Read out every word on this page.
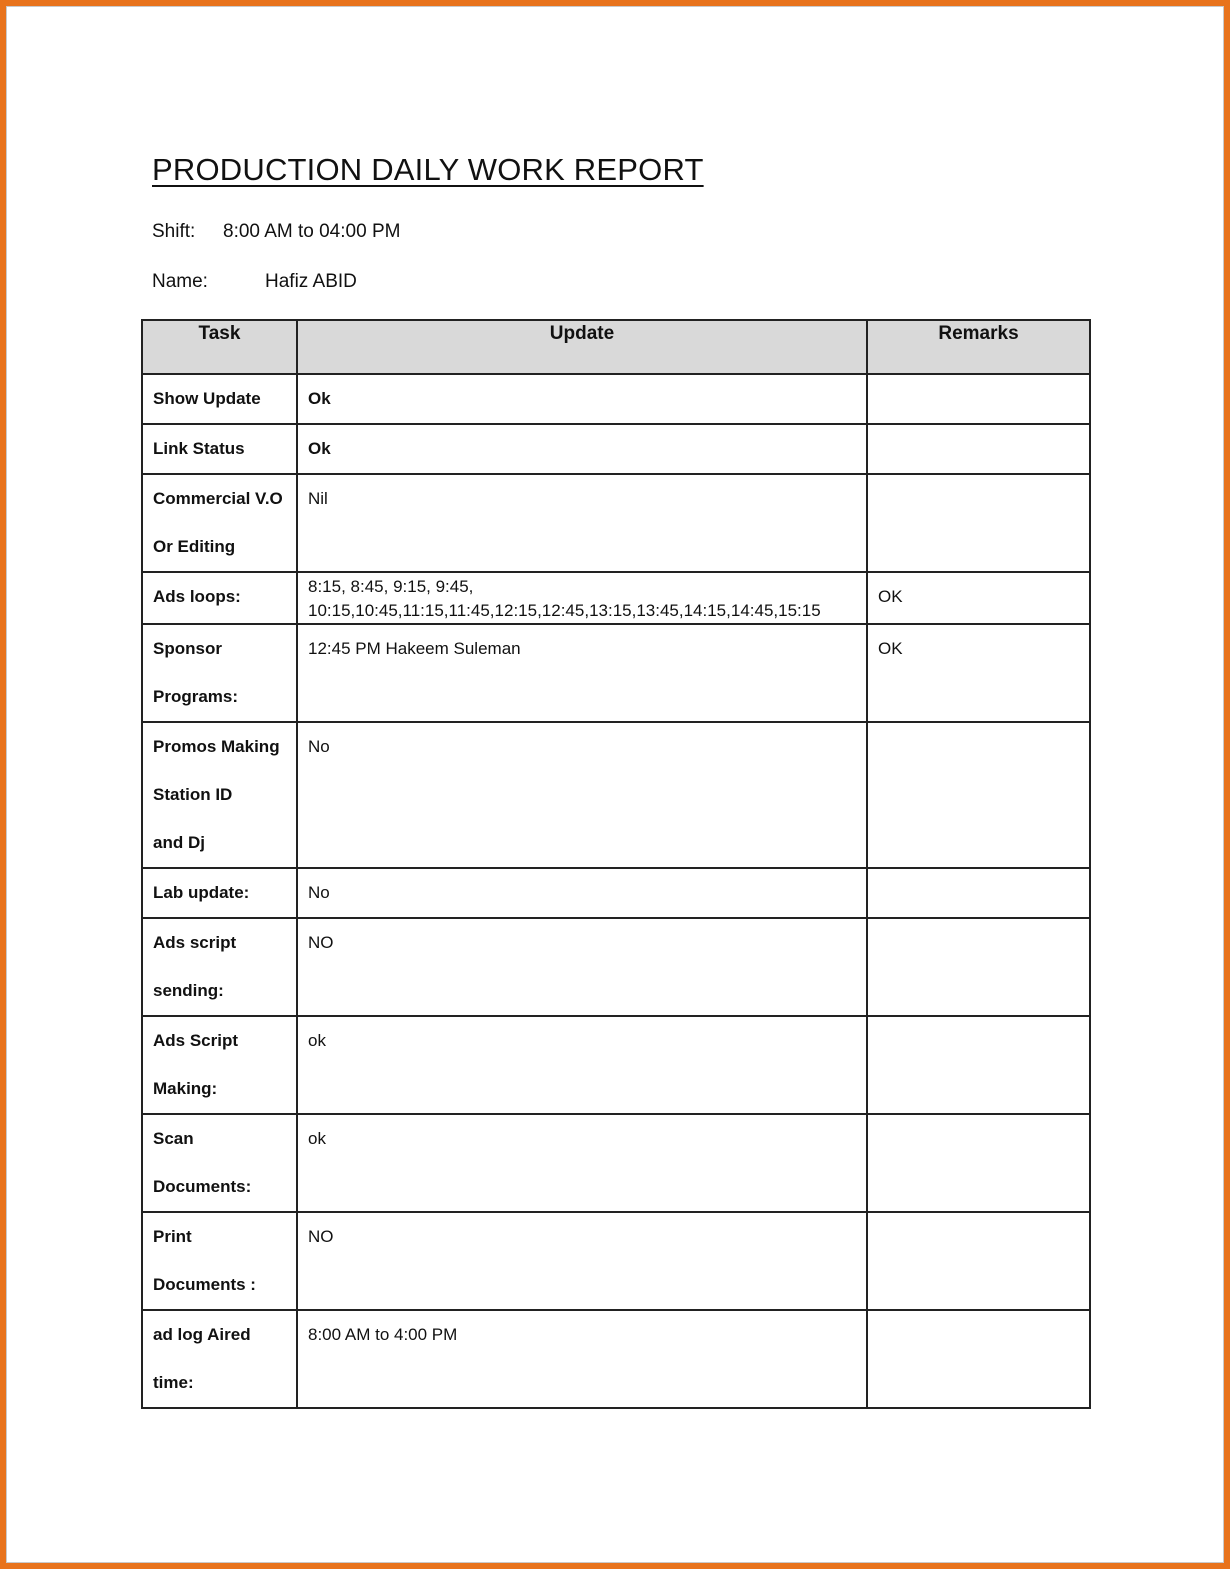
PRODUCTION DAILY WORK REPORT
Shift: 8:00 AM to 04:00 PM
Name:	Hafiz ABID
Task	Update	Remarks
Show Update	Ok	
Link Status	Ok	
Commercial V.O
Or Editing	Nil	
Ads loops:	8:15, 8:45, 9:15, 9:45,
10:15,10:45,11:15,11:45,12:15,12:45,13:15,13:45,14:15,14:45,15:15	OK
Sponsor
Programs:	12:45 PM Hakeem Suleman	OK
Promos Making
Station ID
and Dj	No	
Lab update:	No	
Ads script
sending:	NO	
Ads Script
Making:	ok	
Scan
Documents:	ok	
Print
Documents :	NO	
ad log Aired
time:	8:00 AM to 4:00 PM	
